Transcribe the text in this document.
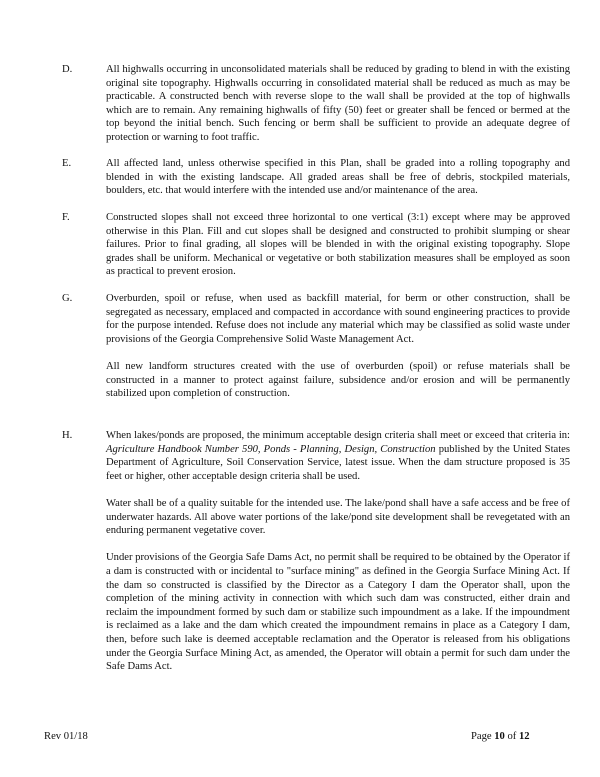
D.	All highwalls occurring in unconsolidated materials shall be reduced by grading to blend in with the existing original site topography. Highwalls occurring in consolidated material shall be reduced as much as may be practicable. A constructed bench with reverse slope to the wall shall be provided at the top of highwalls which are to remain. Any remaining highwalls of fifty (50) feet or greater shall be fenced or bermed at the top beyond the initial bench. Such fencing or berm shall be sufficient to provide an adequate degree of protection or warning to foot traffic.

E.	All affected land, unless otherwise specified in this Plan, shall be graded into a rolling topography and blended in with the existing landscape. All graded areas shall be free of debris, stockpiled materials, boulders, etc. that would interfere with the intended use and/or maintenance of the area.

F.	Constructed slopes shall not exceed three horizontal to one vertical (3:1) except where may be approved otherwise in this Plan. Fill and cut slopes shall be designed and constructed to prohibit slumping or shear failures. Prior to final grading, all slopes will be blended in with the original existing topography. Slope grades shall be uniform. Mechanical or vegetative or both stabilization measures shall be employed as soon as practical to prevent erosion.

G.	Overburden, spoil or refuse, when used as backfill material, for berm or other construction, shall be segregated as necessary, emplaced and compacted in accordance with sound engineering practices to provide for the purpose intended. Refuse does not include any material which may be classified as solid waste under provisions of the Georgia Comprehensive Solid Waste Management Act.

All new landform structures created with the use of overburden (spoil) or refuse materials shall be constructed in a manner to protect against failure, subsidence and/or erosion and will be permanently stabilized upon completion of construction.

H.	When lakes/ponds are proposed, the minimum acceptable design criteria shall meet or exceed that criteria in: Agriculture Handbook Number 590, Ponds - Planning, Design, Construction published by the United States Department of Agriculture, Soil Conservation Service, latest issue. When the dam structure proposed is 35 feet or higher, other acceptable design criteria shall be used.

Water shall be of a quality suitable for the intended use. The lake/pond shall have a safe access and be free of underwater hazards. All above water portions of the lake/pond site development shall be revegetated with an enduring permanent vegetative cover.

Under provisions of the Georgia Safe Dams Act, no permit shall be required to be obtained by the Operator if a dam is constructed with or incidental to "surface mining" as defined in the Georgia Surface Mining Act. If the dam so constructed is classified by the Director as a Category I dam the Operator shall, upon the completion of the mining activity in connection with which such dam was constructed, either drain and reclaim the impoundment formed by such dam or stabilize such impoundment as a lake. If the impoundment is reclaimed as a lake and the dam which created the impoundment remains in place as a Category I dam, then, before such lake is deemed acceptable reclamation and the Operator is released from his obligations under the Georgia Surface Mining Act, as amended, the Operator will obtain a permit for such dam under the Safe Dams Act.

Rev 01/18	Page 10 of 12
